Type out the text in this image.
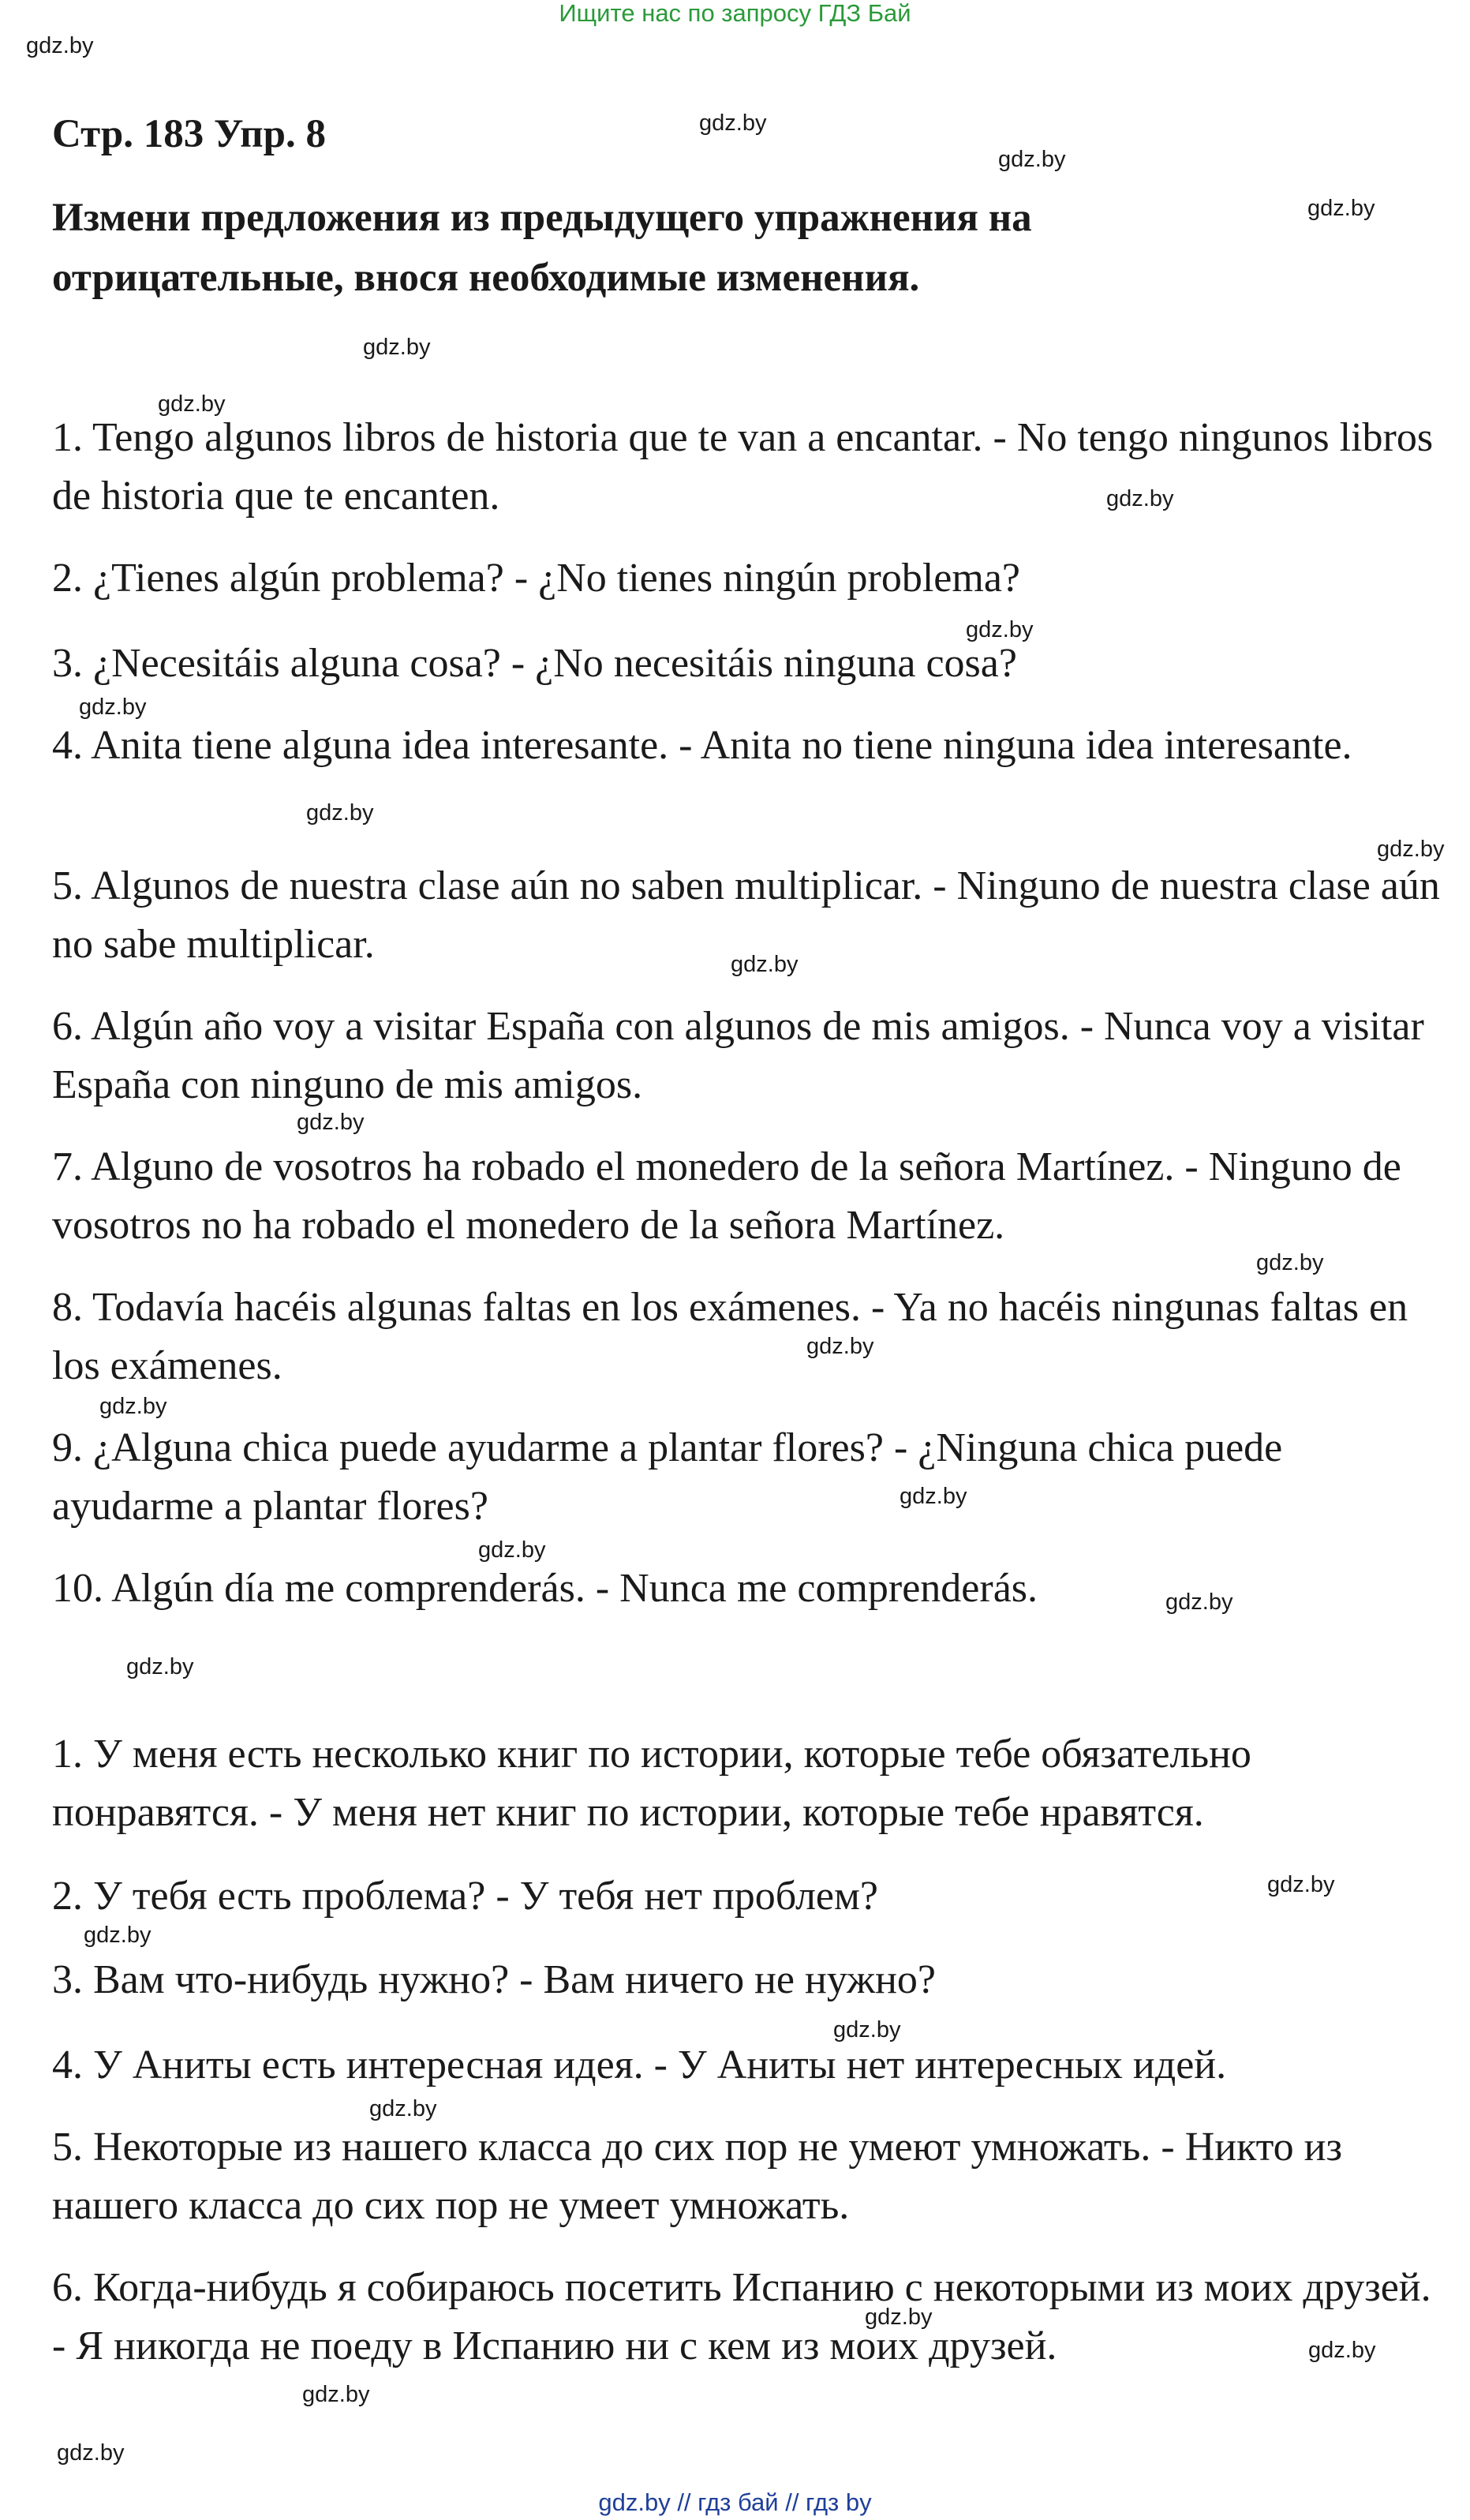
Ищите нас по запросу ГДЗ Бай
gdz.by
gdz.by
gdz.by
gdz.by
gdz.by
gdz.by
gdz.by
gdz.by
gdz.by
gdz.by
gdz.by
gdz.by
gdz.by
gdz.by
gdz.by
gdz.by
gdz.by
gdz.by
gdz.by
gdz.by
gdz.by
gdz.by
gdz.by
gdz.by
gdz.by
gdz.by
gdz.by
gdz.by
Стр. 183 Упр. 8

Измени предложения из предыдущего упражнения на отрицательные, внося необходимые изменения.

1. Tengo algunos libros de historia que te van a encantar. - No tengo ningunos libros de historia que te encanten.

2. ¿Tienes algún problema? - ¿No tienes ningún problema?

3. ¿Necesitáis alguna cosa? - ¿No necesitáis ninguna cosa?

4. Anita tiene alguna idea interesante. - Anita no tiene ninguna idea interesante.

5. Algunos de nuestra clase aún no saben multiplicar. - Ninguno de nuestra clase aún no sabe multiplicar.

6. Algún año voy a visitar España con algunos de mis amigos. - Nunca voy a visitar España con ninguno de mis amigos.

7. Alguno de vosotros ha robado el monedero de la señora Martínez. - Ninguno de vosotros no ha robado el monedero de la señora Martínez.

8. Todavía hacéis algunas faltas en los exámenes. - Ya no hacéis ningunas faltas en los exámenes.

9. ¿Alguna chica puede ayudarme a plantar flores? - ¿Ninguna chica puede ayudarme a plantar flores?

10. Algún día me comprenderás. - Nunca me comprenderás.

1. У меня есть несколько книг по истории, которые тебе обязательно понравятся. - У меня нет книг по истории, которые тебе нравятся.

2. У тебя есть проблема? - У тебя нет проблем?

3. Вам что-нибудь нужно? - Вам ничего не нужно?

4. У Аниты есть интересная идея. - У Аниты нет интересных идей.

5. Некоторые из нашего класса до сих пор не умеют умножать. - Никто из нашего класса до сих пор не умеет умножать.

6. Когда-нибудь я собираюсь посетить Испанию с некоторыми из моих друзей. - Я никогда не поеду в Испанию ни с кем из моих друзей.

gdz.by // гдз бай // гдз by
